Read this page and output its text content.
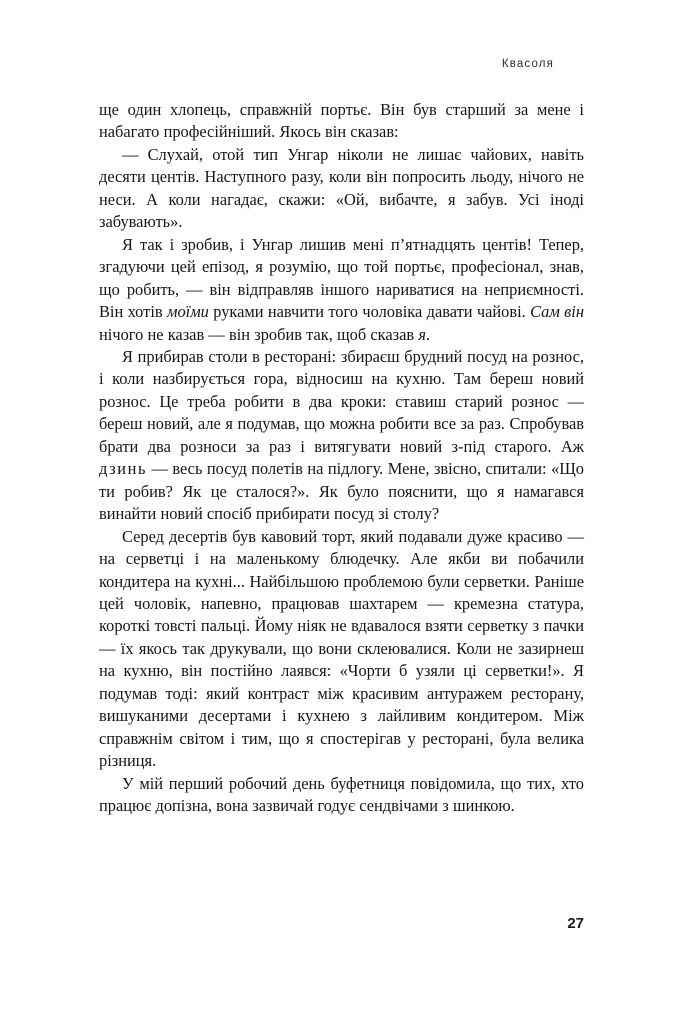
Квасоля

ще один хлопець, справжній портьє. Він був старший за мене і набагато професійніший. Якось він сказав:

— Слухай, отой тип Унгар ніколи не лишає чайових, навіть десяти центів. Наступного разу, коли він попросить льоду, нічого не неси. А коли нагадає, скажи: «Ой, вибачте, я забув. Усі іноді забувають».

Я так і зробив, і Унгар лишив мені п’ятнадцять центів! Тепер, згадуючи цей епізод, я розумію, що той портьє, професіонал, знав, що робить, — він відправляв іншого нариватися на неприємності. Він хотів моїми руками навчити того чоловіка давати чайові. Сам він нічого не казав — він зробив так, щоб сказав я.

Я прибирав столи в ресторані: збираєш брудний посуд на рознос, і коли назбирується гора, відносиш на кухню. Там береш новий рознос. Це треба робити в два кроки: ставиш старий рознос — береш новий, але я подумав, що можна робити все за раз. Спробував брати два розноси за раз і витягувати новий з-під старого. Аж дзинь — весь посуд полетів на підлогу. Мене, звісно, спитали: «Що ти робив? Як це сталося?». Як було пояснити, що я намагався винайти новий спосіб прибирати посуд зі столу?

Серед десертів був кавовий торт, який подавали дуже красиво — на серветці і на маленькому блюдечку. Але якби ви побачили кондитера на кухні... Найбільшою проблемою були серветки. Раніше цей чоловік, напевно, працював шахтарем — кремезна статура, короткі товсті пальці. Йому ніяк не вдавалося взяти серветку з пачки — їх якось так друкували, що вони склеювалися. Коли не зазирнеш на кухню, він постійно лаявся: «Чорти б узяли ці серветки!». Я подумав тоді: який контраст між красивим антуражем ресторану, вишуканими десертами і кухнею з лайливим кондитером. Між справжнім світом і тим, що я спостерігав у ресторані, була велика різниця.

У мій перший робочий день буфетниця повідомила, що тих, хто працює допізна, вона зазвичай годує сендвічами з шинкою.

27
